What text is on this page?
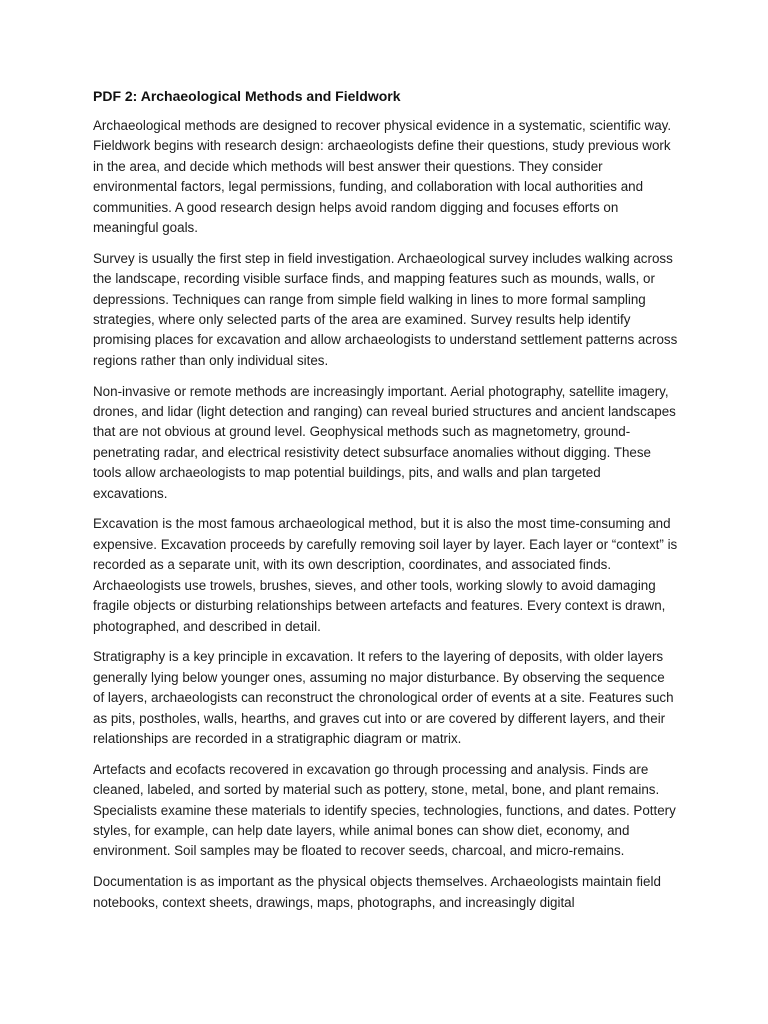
PDF 2: Archaeological Methods and Fieldwork

Archaeological methods are designed to recover physical evidence in a systematic, scientific way. Fieldwork begins with research design: archaeologists define their questions, study previous work in the area, and decide which methods will best answer their questions. They consider environmental factors, legal permissions, funding, and collaboration with local authorities and communities. A good research design helps avoid random digging and focuses efforts on meaningful goals.

Survey is usually the first step in field investigation. Archaeological survey includes walking across the landscape, recording visible surface finds, and mapping features such as mounds, walls, or depressions. Techniques can range from simple field walking in lines to more formal sampling strategies, where only selected parts of the area are examined. Survey results help identify promising places for excavation and allow archaeologists to understand settlement patterns across regions rather than only individual sites.

Non-invasive or remote methods are increasingly important. Aerial photography, satellite imagery, drones, and lidar (light detection and ranging) can reveal buried structures and ancient landscapes that are not obvious at ground level. Geophysical methods such as magnetometry, ground-penetrating radar, and electrical resistivity detect subsurface anomalies without digging. These tools allow archaeologists to map potential buildings, pits, and walls and plan targeted excavations.

Excavation is the most famous archaeological method, but it is also the most time-consuming and expensive. Excavation proceeds by carefully removing soil layer by layer. Each layer or “context” is recorded as a separate unit, with its own description, coordinates, and associated finds. Archaeologists use trowels, brushes, sieves, and other tools, working slowly to avoid damaging fragile objects or disturbing relationships between artefacts and features. Every context is drawn, photographed, and described in detail.

Stratigraphy is a key principle in excavation. It refers to the layering of deposits, with older layers generally lying below younger ones, assuming no major disturbance. By observing the sequence of layers, archaeologists can reconstruct the chronological order of events at a site. Features such as pits, postholes, walls, hearths, and graves cut into or are covered by different layers, and their relationships are recorded in a stratigraphic diagram or matrix.

Artefacts and ecofacts recovered in excavation go through processing and analysis. Finds are cleaned, labeled, and sorted by material such as pottery, stone, metal, bone, and plant remains. Specialists examine these materials to identify species, technologies, functions, and dates. Pottery styles, for example, can help date layers, while animal bones can show diet, economy, and environment. Soil samples may be floated to recover seeds, charcoal, and micro-remains.

Documentation is as important as the physical objects themselves. Archaeologists maintain field notebooks, context sheets, drawings, maps, photographs, and increasingly digital
